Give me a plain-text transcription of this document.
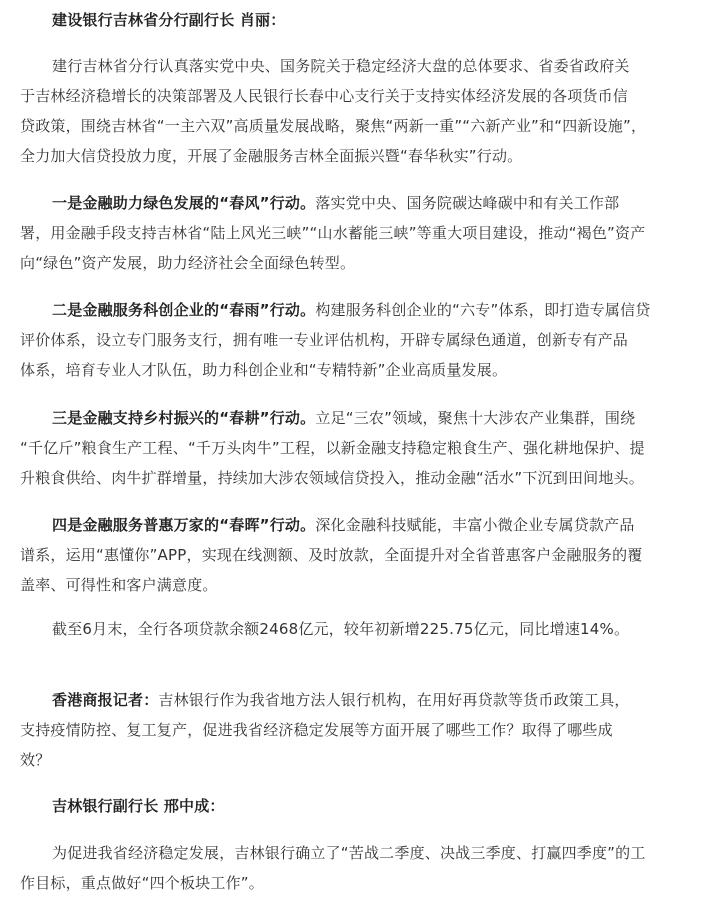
建设银行吉林省分行副行长 肖丽：
建行吉林省分行认真落实党中央、国务院关于稳定经济大盘的总体要求、省委省政府关
于吉林经济稳增长的决策部署及人民银行长春中心支行关于支持实体经济发展的各项货币信
贷政策，围绕吉林省“一主六双”高质量发展战略，聚焦“两新一重”“六新产业”和“四新设施”，
全力加大信贷投放力度，开展了金融服务吉林全面振兴暨“春华秋实”行动。
一是金融助力绿色发展的“春风”行动。落实党中央、国务院碳达峰碳中和有关工作部
署，用金融手段支持吉林省“陆上风光三峡”“山水蓄能三峡”等重大项目建设，推动“褐色”资产
向“绿色”资产发展，助力经济社会全面绿色转型。
二是金融服务科创企业的“春雨”行动。构建服务科创企业的“六专”体系，即打造专属信贷
评价体系，设立专门服务支行，拥有唯一专业评估机构，开辟专属绿色通道，创新专有产品
体系，培育专业人才队伍，助力科创企业和“专精特新”企业高质量发展。
三是金融支持乡村振兴的“春耕”行动。立足“三农”领域，聚焦十大涉农产业集群，围绕
“千亿斤”粮食生产工程、“千万头肉牛”工程，以新金融支持稳定粮食生产、强化耕地保护、提
升粮食供给、肉牛扩群增量，持续加大涉农领域信贷投入，推动金融“活水”下沉到田间地头。
四是金融服务普惠万家的“春晖”行动。深化金融科技赋能，丰富小微企业专属贷款产品
谱系，运用“惠懂你”APP，实现在线测额、及时放款，全面提升对全省普惠客户金融服务的覆
盖率、可得性和客户满意度。
截至6月末，全行各项贷款余额2468亿元，较年初新增225.75亿元，同比增速14%。
香港商报记者：吉林银行作为我省地方法人银行机构，在用好再贷款等货币政策工具，
支持疫情防控、复工复产，促进我省经济稳定发展等方面开展了哪些工作？取得了哪些成
效？
吉林银行副行长 邢中成：
为促进我省经济稳定发展，吉林银行确立了“苦战二季度、决战三季度、打赢四季度”的工
作目标，重点做好“四个板块工作”。
